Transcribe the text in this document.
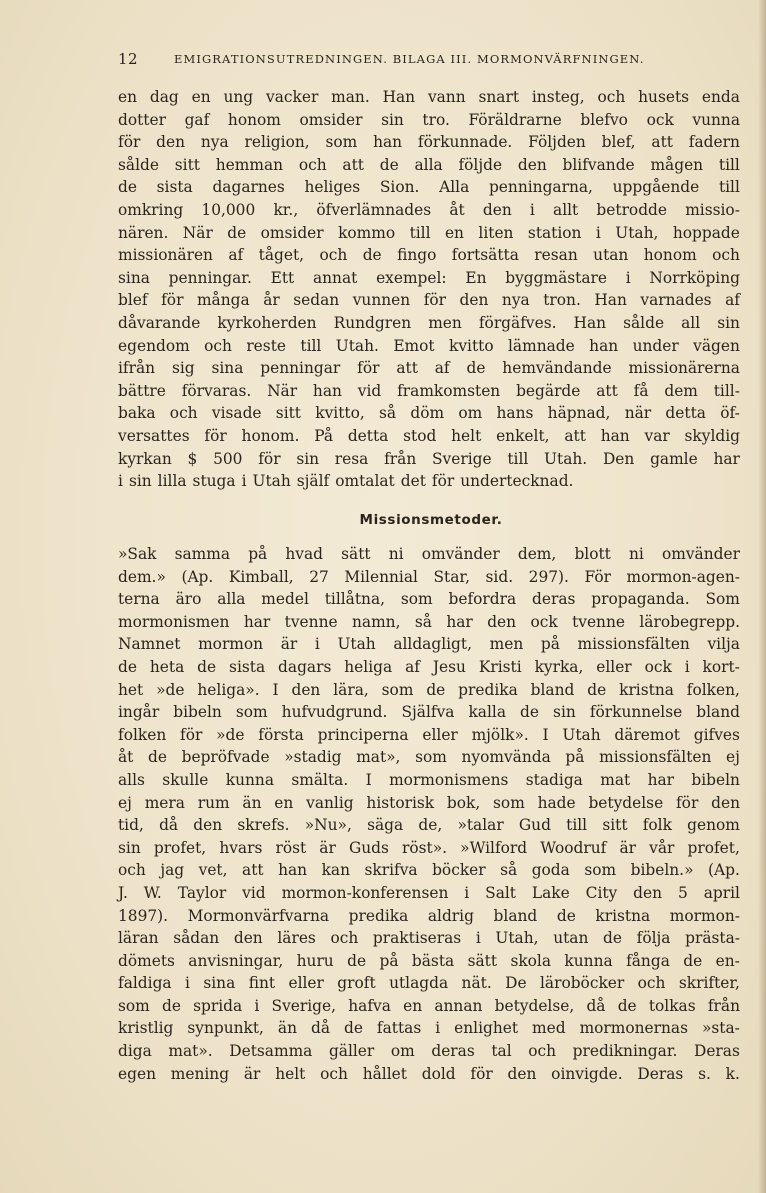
12	EMIGRATIONSUTREDNINGEN. BILAGA III. MORMONVÄRFNINGEN.
en dag en ung vacker man. Han vann snart insteg, och husets enda
dotter gaf honom omsider sin tro. Föräldrarne blefvo ock vunna
för den nya religion, som han förkunnade. Följden blef, att fadern
sålde sitt hemman och att de alla följde den blifvande mågen till
de sista dagarnes heliges Sion. Alla penningarna, uppgående till
omkring 10,000 kr., öfverlämnades åt den i allt betrodde missio-
nären. När de omsider kommo till en liten station i Utah, hoppade
missionären af tåget, och de fingo fortsätta resan utan honom och
sina penningar. Ett annat exempel: En byggmästare i Norrköping
blef för många år sedan vunnen för den nya tron. Han varnades af
dåvarande kyrkoherden Rundgren men förgäfves. Han sålde all sin
egendom och reste till Utah. Emot kvitto lämnade han under vägen
ifrån sig sina penningar för att af de hemvändande missionärerna
bättre förvaras. När han vid framkomsten begärde att få dem till-
baka och visade sitt kvitto, så döm om hans häpnad, när detta öf-
versattes för honom. På detta stod helt enkelt, att han var skyldig
kyrkan $ 500 för sin resa från Sverige till Utah. Den gamle har
i sin lilla stuga i Utah själf omtalat det för undertecknad.
Missionsmetoder.
»Sak samma på hvad sätt ni omvänder dem, blott ni omvänder
dem.» (Ap. Kimball, 27 Milennial Star, sid. 297). För mormon-agen-
terna äro alla medel tillåtna, som befordra deras propaganda. Som
mormonismen har tvenne namn, så har den ock tvenne lärobegrepp.
Namnet mormon är i Utah alldagligt, men på missionsfälten vilja
de heta de sista dagars heliga af Jesu Kristi kyrka, eller ock i kort-
het »de heliga». I den lära, som de predika bland de kristna folken,
ingår bibeln som hufvudgrund. Själfva kalla de sin förkunnelse bland
folken för »de första principerna eller mjölk». I Utah däremot gifves
åt de bepröfvade »stadig mat», som nyomvända på missionsfälten ej
alls skulle kunna smälta. I mormonismens stadiga mat har bibeln
ej mera rum än en vanlig historisk bok, som hade betydelse för den
tid, då den skrefs. »Nu», säga de, »talar Gud till sitt folk genom
sin profet, hvars röst är Guds röst». »Wilford Woodruf är vår profet,
och jag vet, att han kan skrifva böcker så goda som bibeln.» (Ap.
J. W. Taylor vid mormon-konferensen i Salt Lake City den 5 april
1897). Mormonvärfvarna predika aldrig bland de kristna mormon-
läran sådan den läres och praktiseras i Utah, utan de följa prästa-
dömets anvisningar, huru de på bästa sätt skola kunna fånga de en-
faldiga i sina fint eller groft utlagda nät. De läroböcker och skrifter,
som de sprida i Sverige, hafva en annan betydelse, då de tolkas från
kristlig synpunkt, än då de fattas i enlighet med mormonernas »sta-
diga mat». Detsamma gäller om deras tal och predikningar. Deras
egen mening är helt och hållet dold för den oinvigde. Deras s. k.
